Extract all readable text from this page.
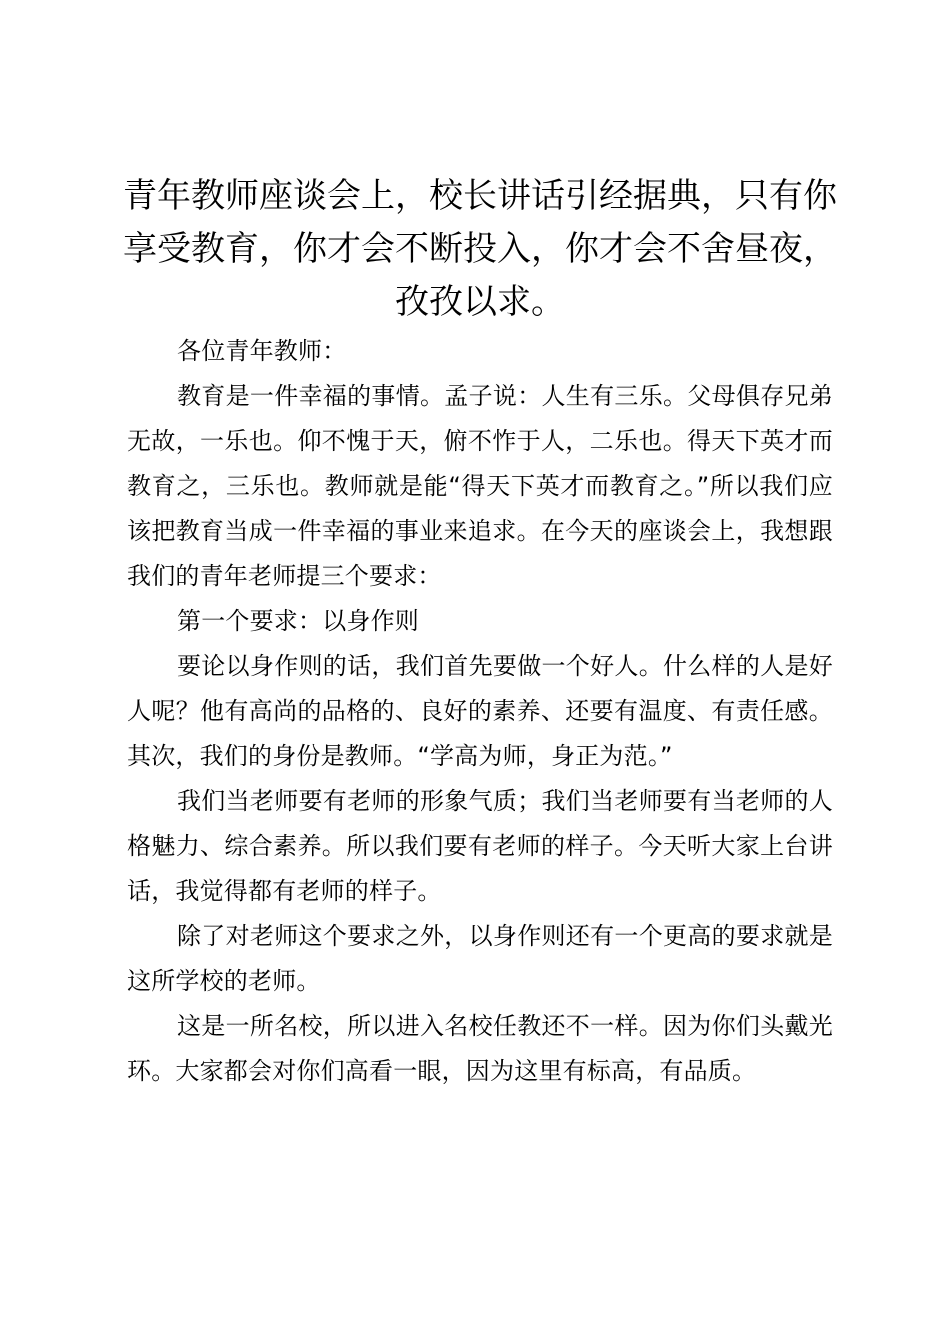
青年教师座谈会上，校长讲话引经据典，只有你享受教育，你才会不断投入，你才会不舍昼夜，孜孜以求。

各位青年教师：

教育是一件幸福的事情。孟子说：人生有三乐。父母俱存兄弟无故，一乐也。仰不愧于天，俯不怍于人，二乐也。得天下英才而教育之，三乐也。教师就是能“得天下英才而教育之。”所以我们应该把教育当成一件幸福的事业来追求。在今天的座谈会上，我想跟我们的青年老师提三个要求：

第一个要求：以身作则

要论以身作则的话，我们首先要做一个好人。什么样的人是好人呢？他有高尚的品格的、良好的素养、还要有温度、有责任感。其次，我们的身份是教师。“学高为师，身正为范。”

我们当老师要有老师的形象气质；我们当老师要有当老师的人格魅力、综合素养。所以我们要有老师的样子。今天听大家上台讲话，我觉得都有老师的样子。

除了对老师这个要求之外，以身作则还有一个更高的要求就是这所学校的老师。

这是一所名校，所以进入名校任教还不一样。因为你们头戴光环。大家都会对你们高看一眼，因为这里有标高，有品质。
